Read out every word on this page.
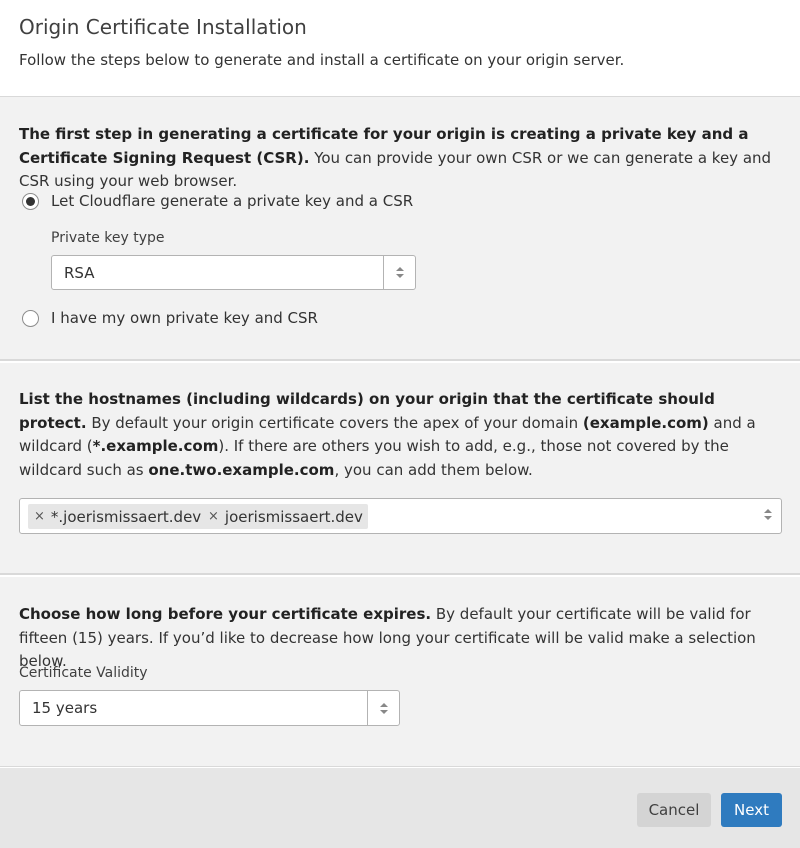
Origin Certificate Installation
Follow the steps below to generate and install a certificate on your origin server.
The first step in generating a certificate for your origin is creating a private key and a Certificate Signing Request (CSR). You can provide your own CSR or we can generate a key and CSR using your web browser.
Let Cloudflare generate a private key and a CSR
Private key type
RSA
I have my own private key and CSR
List the hostnames (including wildcards) on your origin that the certificate should protect. By default your origin certificate covers the apex of your domain (example.com) and a wildcard (*.example.com). If there are others you wish to add, e.g., those not covered by the wildcard such as one.two.example.com, you can add them below.
× *.joerismissaert.dev × joerismissaert.dev
Choose how long before your certificate expires. By default your certificate will be valid for fifteen (15) years. If you’d like to decrease how long your certificate will be valid make a selection below.
Certificate Validity
15 years
Cancel	Next
